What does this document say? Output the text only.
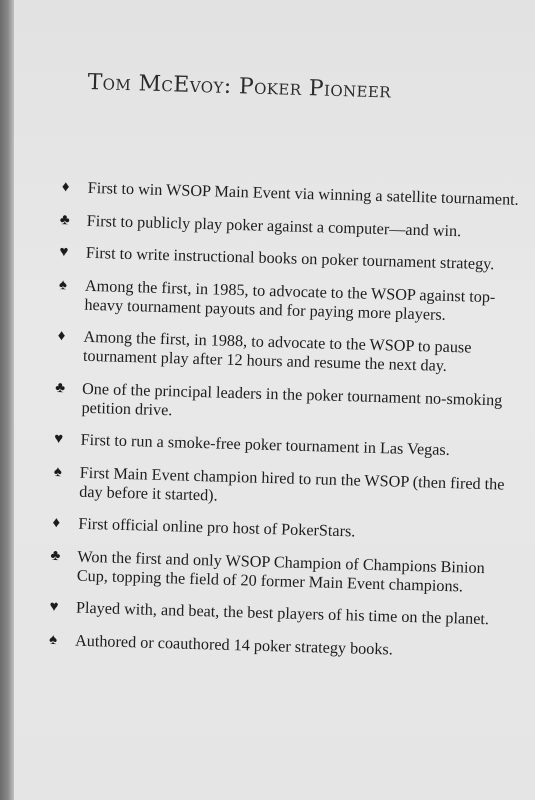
Tom McEvoy: Poker Pioneer
♦ First to win WSOP Main Event via winning a satellite tournament.
♣ First to publicly play poker against a computer—and win.
♥ First to write instructional books on poker tournament strategy.
♠ Among the first, in 1985, to advocate to the WSOP against top-heavy tournament payouts and for paying more players.
♦ Among the first, in 1988, to advocate to the WSOP to pause tournament play after 12 hours and resume the next day.
♣ One of the principal leaders in the poker tournament no-smoking petition drive.
♥ First to run a smoke-free poker tournament in Las Vegas.
♠ First Main Event champion hired to run the WSOP (then fired the day before it started).
♦ First official online pro host of PokerStars.
♣ Won the first and only WSOP Champion of Champions Binion Cup, topping the field of 20 former Main Event champions.
♥ Played with, and beat, the best players of his time on the planet.
♠ Authored or coauthored 14 poker strategy books.
